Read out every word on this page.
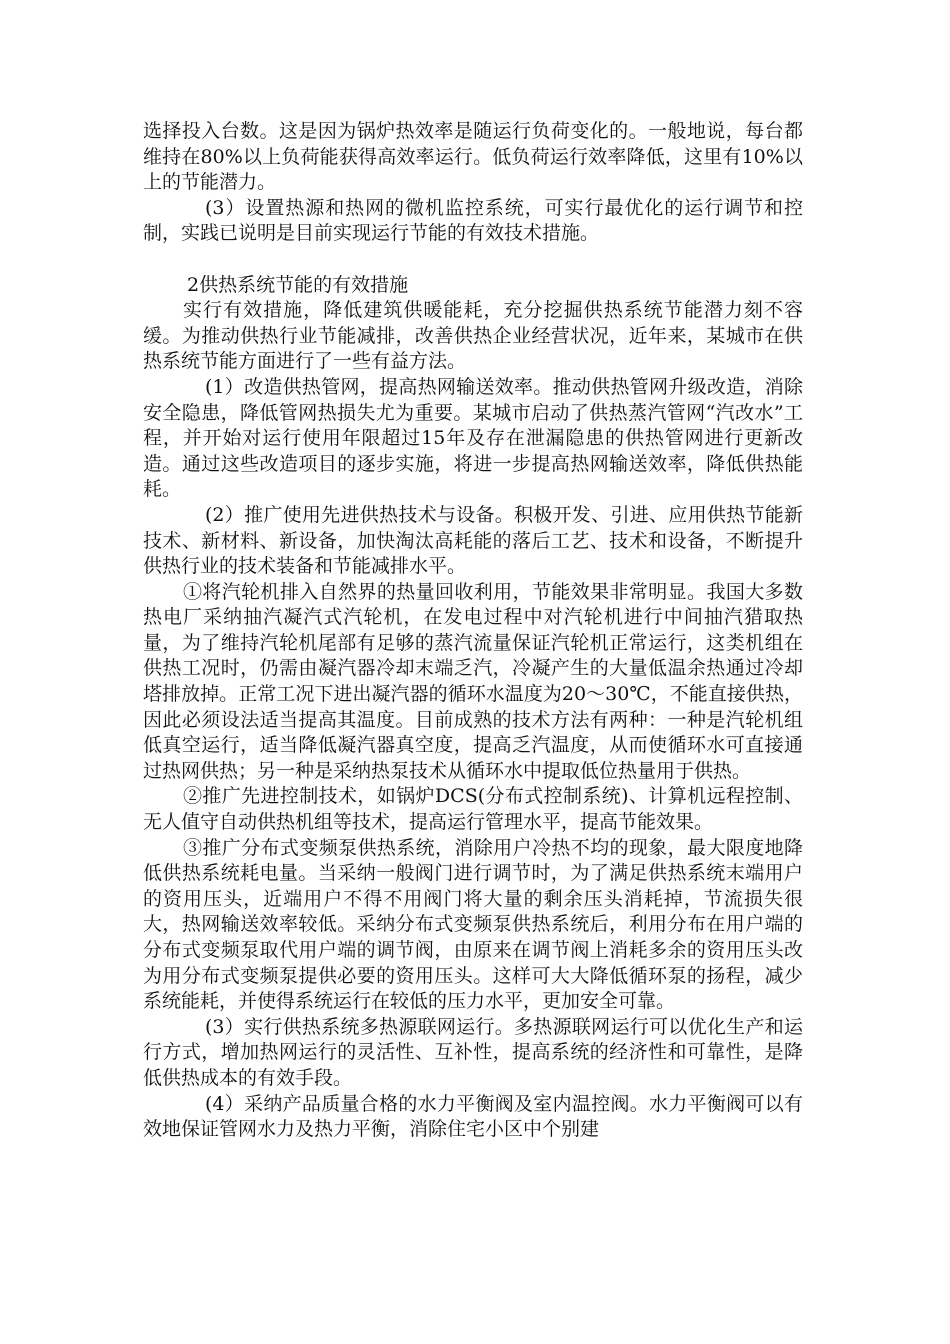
选择投入台数。这是因为锅炉热效率是随运行负荷变化的。一般地说，每台都维持在80%以上负荷能获得高效率运行。低负荷运行效率降低，这里有10%以上的节能潜力。

(3）设置热源和热网的微机监控系统，可实行最优化的运行调节和控制，实践已说明是目前实现运行节能的有效技术措施。

2供热系统节能的有效措施

实行有效措施，降低建筑供暖能耗，充分挖掘供热系统节能潜力刻不容缓。为推动供热行业节能减排，改善供热企业经营状况，近年来，某城市在供热系统节能方面进行了一些有益方法。

(1）改造供热管网，提高热网输送效率。推动供热管网升级改造，消除安全隐患，降低管网热损失尤为重要。某城市启动了供热蒸汽管网“汽改水”工程，并开始对运行使用年限超过15年及存在泄漏隐患的供热管网进行更新改造。通过这些改造项目的逐步实施，将进一步提高热网输送效率，降低供热能耗。

(2）推广使用先进供热技术与设备。积极开发、引进、应用供热节能新技术、新材料、新设备，加快淘汰高耗能的落后工艺、技术和设备，不断提升供热行业的技术装备和节能减排水平。

①将汽轮机排入自然界的热量回收利用，节能效果非常明显。我国大多数热电厂采纳抽汽凝汽式汽轮机，在发电过程中对汽轮机进行中间抽汽猎取热量，为了维持汽轮机尾部有足够的蒸汽流量保证汽轮机正常运行，这类机组在供热工况时，仍需由凝汽器冷却末端乏汽，冷凝产生的大量低温余热通过冷却塔排放掉。正常工况下进出凝汽器的循环水温度为20～30℃，不能直接供热，因此必须设法适当提高其温度。目前成熟的技术方法有两种：一种是汽轮机组低真空运行，适当降低凝汽器真空度，提高乏汽温度，从而使循环水可直接通过热网供热；另一种是采纳热泵技术从循环水中提取低位热量用于供热。

②推广先进控制技术，如锅炉DCS(分布式控制系统)、计算机远程控制、无人值守自动供热机组等技术，提高运行管理水平，提高节能效果。

③推广分布式变频泵供热系统，消除用户冷热不均的现象，最大限度地降低供热系统耗电量。当采纳一般阀门进行调节时，为了满足供热系统末端用户的资用压头，近端用户不得不用阀门将大量的剩余压头消耗掉，节流损失很大，热网输送效率较低。采纳分布式变频泵供热系统后，利用分布在用户端的分布式变频泵取代用户端的调节阀，由原来在调节阀上消耗多余的资用压头改为用分布式变频泵提供必要的资用压头。这样可大大降低循环泵的扬程，减少系统能耗，并使得系统运行在较低的压力水平，更加安全可靠。

(3）实行供热系统多热源联网运行。多热源联网运行可以优化生产和运行方式，增加热网运行的灵活性、互补性，提高系统的经济性和可靠性，是降低供热成本的有效手段。

(4）采纳产品质量合格的水力平衡阀及室内温控阀。水力平衡阀可以有效地保证管网水力及热力平衡，消除住宅小区中个别建
